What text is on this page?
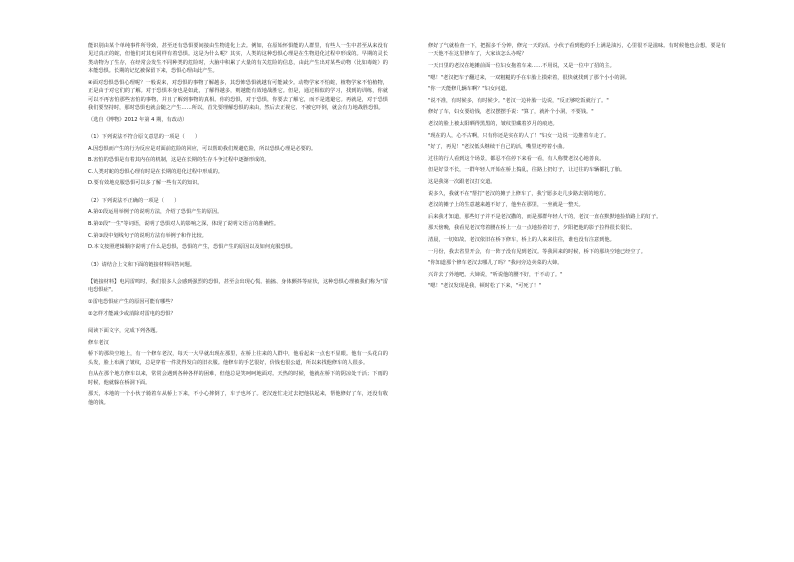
能识别由某个单纯事件所导致，甚至还有恐惧要间接由生物进化上去。例如，在原始怀惧能的人群里，有些人一生中甚至从来没有见过真正的蛇，但他们对其也同样有着恐惧。这是为什么呢？其实，人类的这种恐惧心理是在生物进化过程中形成的。早期的灵长类动物为了生存，在经常会发生不同种类的危险时，大脑中积累了大量的有关危险的信息，由此产生出对某些动物（比如毒蛇）的本能恐惧。长期的记忆被保留下来，恐惧心理由此产生。

④面对恐惧恐惧心理呢？一般说来，对恐惧的事物了解越多，其恐怖恐惧就越有可能减少。动物学家不怕蛇，植物学家不怕植物，正是由于对它们的了解。对于恐惧本身也是如此，了解得越多，则越能有效地战胜它。但是，通过相似的学习，找到的训练，你就可以不再害怕那些害怕的事物，并且了解到事物的真相。你的恐惧，对于恐惧，你要去了解它，而不是逃避它。再就是，对于恐惧我们要坚持时，那时恐惧也就会随之产生……所以，首先要理解恐惧的来由，然后去正视它、不被它吓倒，就会有力地战胜恐惧。

（选自《博物》2012 年第 4 期，有改动）

（1）下列说法不符合原文意思的一项是（　　）

A.因恐惧而产生的行为反应是对面前危险的回应，可以帮助我们规避危险，所以恐惧心理是必要的。

B.害怕的恐惧是有着其内在的机制，这是在长期的生存斗争过程中逐渐形成的。

C.人类对蛇的恐惧心理有时是在长期的进化过程中形成的。

D.要有效地克服恐惧可以多了解一些有关的知识。

（2）下列说法不正确的一项是（　　）

A.第①段运用举例子的说明方法，介绍了恐惧产生的原因。

B.第②段"一生"等词语，说明了恐惧对人的影响之深，体现了说明文语言的准确性。

C.第③段中划线句子的说明方法有举例子和作比较。

D.本文按照逻辑顺序说明了什么是恐惧，恐惧的产生，恐惧产生的原因以及如何克服恐惧。

（3）请结合上文和下面的链接材料回答问题。

【链接材料】电闪雷鸣时，我们很多人会感到强烈的恐惧，甚至会出现心慌、抽搐、身体颤抖等症状，这种恐惧心理被我们称为"雷电恐惧症"。

①雷电恐惧症产生的原因可能有哪些？

②怎样才能减少或消除对雷电的恐惧？

阅读下面文字，完成下列各题。

修车老汉

桥下的那块空地上，有一个修车老汉，每天一大早就出现在那里，在桥上往来的人群中，他看起来一点也不显眼。他有一头花白的头发，脸上布满了皱纹，总是穿着一件洗得发白的旧衣服。他修车的手艺很好，价钱也很公道，所以来找他修车的人很多。

自从在那个地方修车以来，常常会遇到各种各样的困难，但他总是笑呵呵地面对。天热的时候，他就在桥下的阴凉处干活；下雨的时候，他就躲在桥洞下面。

那天，本地的一个小伙子骑着车从桥上下来，不小心摔倒了，车子也坏了。老汉连忙走过去把他扶起来，帮他修好了车，还没有收他的钱。

修好了气就检查一下，把握多千分钟，修完一天的活。小伙子看到他的手上满是油污，心里很不是滋味。有时候他也会想，要是有一天他不在这里修车了，大家该怎么办呢？

一天日里的老汉在地摊前面一位妇女拖着车来……不用说，又是一位中了招的主。

"嗯！"老汉把车子翻过来，一双粗糙的手在车胎上摸索着，很快就找到了那个小小的洞。

"你一天能修几辆车啊？"妇女问道。

"说不准，有时候多，有时候少。"老汉一边补胎一边说，"反正够吃饭就行了。"

修好了车，妇女要给钱，老汉摆摆手说："算了，就补个小洞，不要钱。"

老汉的脸上被太阳晒得黑黑的，皱纹里藏着岁月的痕迹。

"现在的人，心不古啊，只有你还是实在的人了！"妇女一边说一边推着车走了。

"好了，再见！"老汉低头继续干自己的活，嘴里还哼着小曲。

过往的行人看到这个场景，都忍不住停下来看一看，有人称赞老汉心地善良。

但是好景不长，一群年轻人开始在桥上捣乱，往路上扔钉子，让过往的车辆都扎了胎。

这是我第一次跟老汉打交道。

说多久，我就不在"帮打"老汉的摊子上修车了，我宁愿多走几步路去别的地方。

老汉的摊子上的生意越来越不好了，他坐在那里，一坐就是一整天。

后来我才知道，那些钉子并不是老汉撒的，而是那群年轻人干的，老汉一直在默默地捡拾路上的钉子。

那天傍晚，我看见老汉弯着腰在桥上一点一点地捡着钉子，夕阳把他的影子拉得很长很长。

清晨，一切如故。老汉依旧在桥下修车，桥上的人来来往往，谁也没有注意到他。

一月份，我去省里开会，有一阵子没有见到老汉。等我回来的时候，桥下的那块空地已经空了。

"你知道那个修车老汉去哪儿了吗？"我问旁边卖菜的大婶。

兴许去了外地吧。大婶说，"听说他的腰不好，干不动了。"

"嗯！"老汉发现是我，顿时松了下来，"可死了！"
